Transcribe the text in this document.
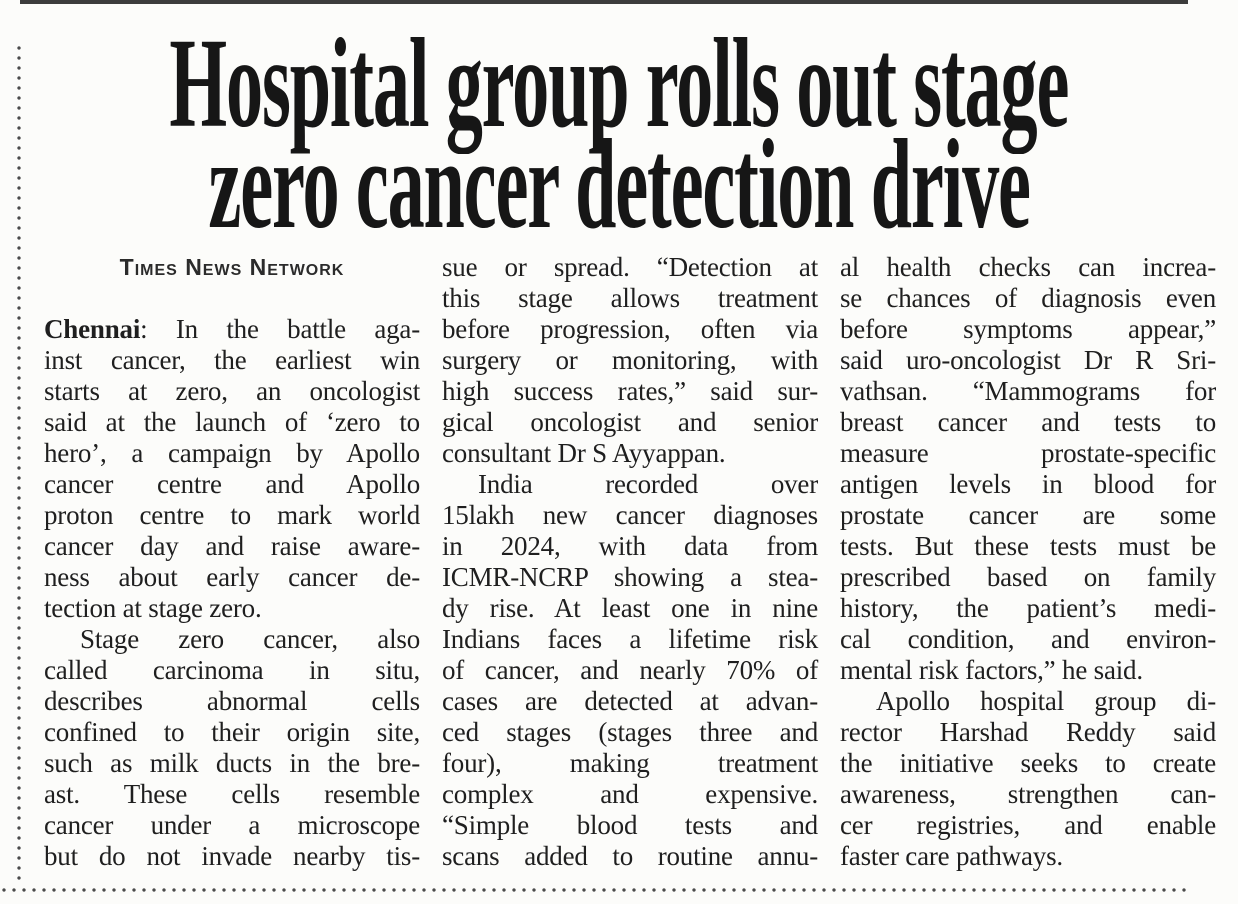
Hospital group rolls out stage
zero cancer detection drive
Times News Network
Chennai: In the battle aga-
inst cancer, the earliest win
starts at zero, an oncologist
said at the launch of ‘zero to
hero’, a campaign by Apollo
cancer centre and Apollo
proton centre to mark world
cancer day and raise aware-
ness about early cancer de-
tection at stage zero.
Stage zero cancer, also
called carcinoma in situ,
describes abnormal cells
confined to their origin site,
such as milk ducts in the bre-
ast. These cells resemble
cancer under a microscope
but do not invade nearby tis-
sue or spread. “Detection at
this stage allows treatment
before progression, often via
surgery or monitoring, with
high success rates,” said sur-
gical oncologist and senior
consultant Dr S Ayyappan.
India recorded over
15lakh new cancer diagnoses
in 2024, with data from
ICMR-NCRP showing a stea-
dy rise. At least one in nine
Indians faces a lifetime risk
of cancer, and nearly 70% of
cases are detected at advan-
ced stages (stages three and
four), making treatment
complex and expensive.
“Simple blood tests and
scans added to routine annu-
al health checks can increa-
se chances of diagnosis even
before symptoms appear,”
said uro-oncologist Dr R Sri-
vathsan. “Mammograms for
breast cancer and tests to
measure prostate-specific
antigen levels in blood for
prostate cancer are some
tests. But these tests must be
prescribed based on family
history, the patient’s medi-
cal condition, and environ-
mental risk factors,” he said.
Apollo hospital group di-
rector Harshad Reddy said
the initiative seeks to create
awareness, strengthen can-
cer registries, and enable
faster care pathways.
